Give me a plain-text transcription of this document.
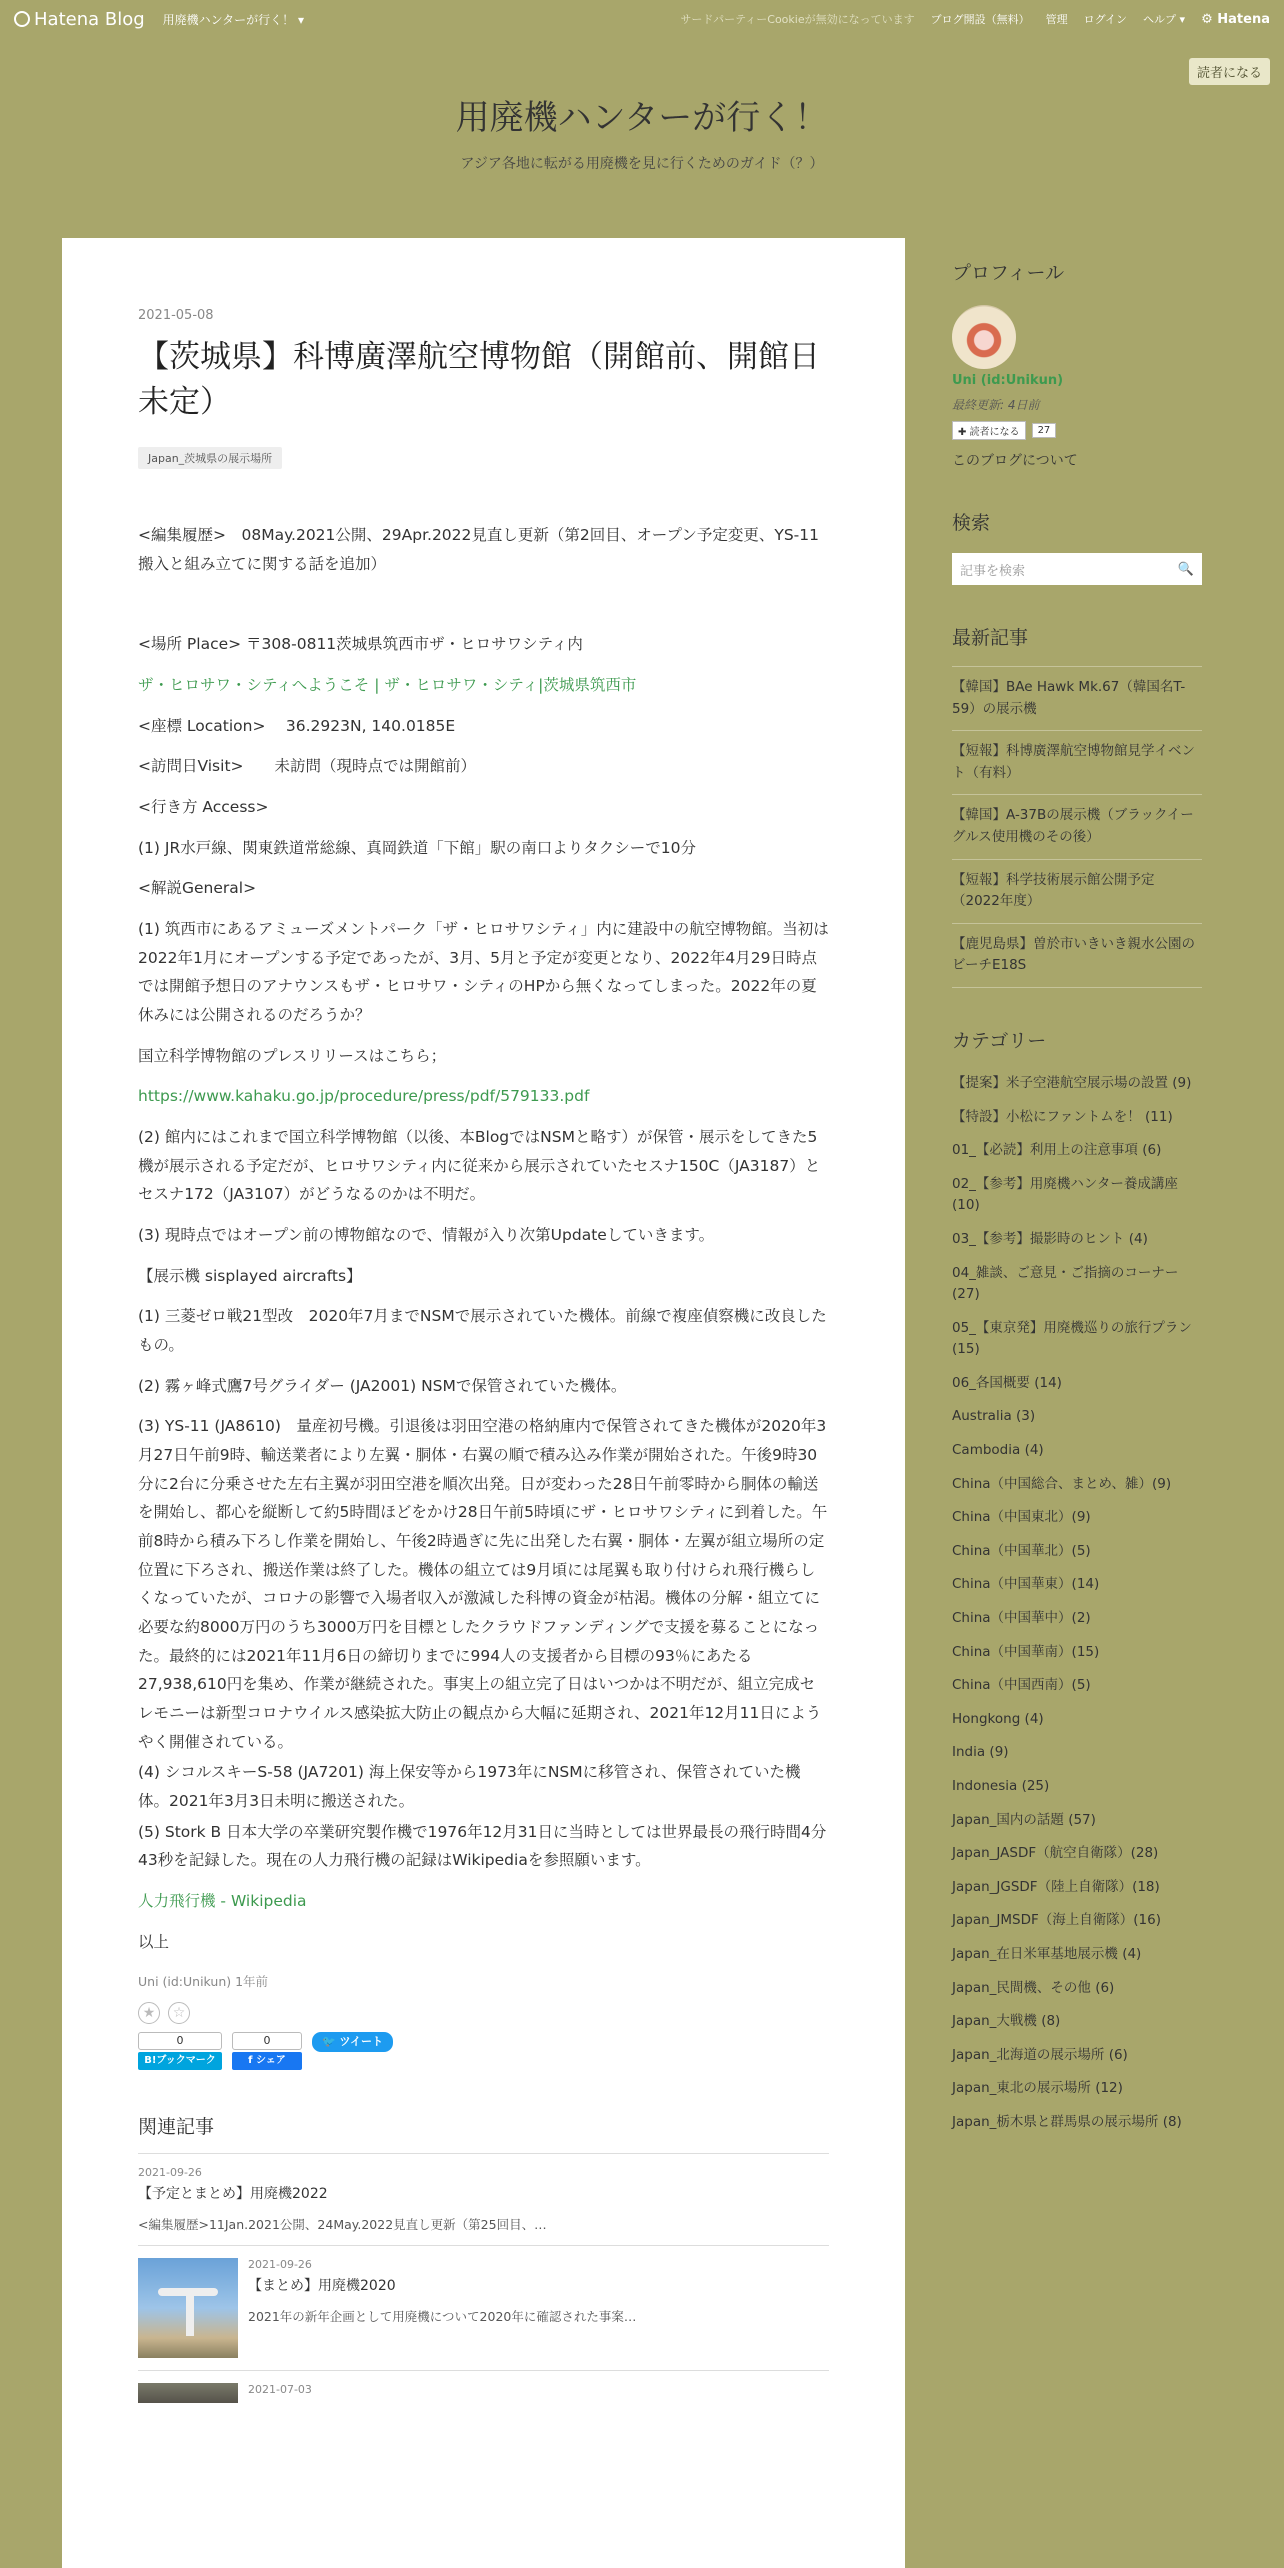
Hatena Blog 用廃機ハンターが行く！ ▾	サードパーティーCookieが無効になっています ブログ開設（無料） 管理 ログイン ヘルプ ▾ ⚙ Hatena
読者になる
用廃機ハンターが行く！
アジア各地に転がる用廃機を見に行くためのガイド（？）
2021-05-08
【茨城県】科博廣澤航空博物館（開館前、開館日未定）
Japan_茨城県の展示場所

<編集履歴>　08May.2021公開、29Apr.2022見直し更新（第2回目、オープン予定変更、YS-11搬入と組み立てに関する話を追加）

<場所 Place> 〒308-0811茨城県筑西市ザ・ヒロサワシティ内

ザ・ヒロサワ・シティへようこそ | ザ・ヒロサワ・シティ|茨城県筑西市

<座標 Location>　 36.2923N, 140.0185E

<訪問日Visit>　　未訪問（現時点では開館前）

<行き方 Access>

(1) JR水戸線、関東鉄道常総線、真岡鉄道「下館」駅の南口よりタクシーで10分

<解説General>

(1) 筑西市にあるアミューズメントパーク「ザ・ヒロサワシティ」内に建設中の航空博物館。当初は2022年1月にオープンする予定であったが、3月、5月と予定が変更となり、2022年4月29日時点では開館予想日のアナウンスもザ・ヒロサワ・シティのHPから無くなってしまった。2022年の夏休みには公開されるのだろうか？

国立科学博物館のプレスリリースはこちら；

https://www.kahaku.go.jp/procedure/press/pdf/579133.pdf

(2) 館内にはこれまで国立科学博物館（以後、本BlogではNSMと略す）が保管・展示をしてきた5機が展示される予定だが、ヒロサワシティ内に従来から展示されていたセスナ150C（JA3187）とセスナ172（JA3107）がどうなるのかは不明だ。

(3) 現時点ではオープン前の博物館なので、情報が入り次第Updateしていきます。

【展示機 sisplayed aircrafts】

(1) 三菱ゼロ戦21型改　2020年7月までNSMで展示されていた機体。前線で複座偵察機に改良したもの。

(2) 霧ヶ峰式鷹7号グライダー (JA2001) NSMで保管されていた機体。

(3) YS-11 (JA8610)　量産初号機。引退後は羽田空港の格納庫内で保管されてきた機体が2020年3月27日午前9時、輸送業者により左翼・胴体・右翼の順で積み込み作業が開始された。午後9時30分に2台に分乗させた左右主翼が羽田空港を順次出発。日が変わった28日午前零時から胴体の輸送を開始し、都心を縦断して約5時間ほどをかけ28日午前5時頃にザ・ヒロサワシティに到着した。午前8時から積み下ろし作業を開始し、午後2時過ぎに先に出発した右翼・胴体・左翼が組立場所の定位置に下ろされ、搬送作業は終了した。機体の組立ては9月頃には尾翼も取り付けられ飛行機らしくなっていたが、コロナの影響で入場者収入が激減した科博の資金が枯渇。機体の分解・組立てに必要な約8000万円のうち3000万円を目標としたクラウドファンディングで支援を募ることになった。最終的には2021年11月6日の締切りまでに994人の支援者から目標の93％にあたる27,938,610円を集め、作業が継続された。事実上の組立完了日はいつかは不明だが、組立完成セレモニーは新型コロナウイルス感染拡大防止の観点から大幅に延期され、2021年12月11日にようやく開催されている。

(4) シコルスキーS-58 (JA7201) 海上保安等から1973年にNSMに移管され、保管されていた機体。2021年3月3日未明に搬送された。

(5) Stork B 日本大学の卒業研究製作機で1976年12月31日に当時としては世界最長の飛行時間4分43秒を記録した。現在の人力飛行機の記録はWikipediaを参照願います。

人力飛行機 - Wikipedia

以上

Uni (id:Unikun) 1年前
★	☆
0
B!ブックマーク
0
f シェア
🐦 ツイート
関連記事
2021-09-26
【予定とまとめ】用廃機2022
<編集履歴>11Jan.2021公開、24May.2022見直し更新（第25回目、…
2021-09-26
【まとめ】用廃機2020
2021年の新年企画として用廃機について2020年に確認された事案…
2021-07-03
プロフィール
Uni (id:Unikun)
最終更新: 4日前
✚ 読者になる	27
このブログについて
検索
記事を検索	🔍
最新記事
【韓国】BAe Hawk Mk.67（韓国名T-59）の展示機
【短報】科博廣澤航空博物館見学イベント（有料）
【韓国】A-37Bの展示機（ブラックイーグルス使用機のその後）
【短報】科学技術展示館公開予定（2022年度）
【鹿児島県】曽於市いきいき親水公園のビーチE18S
カテゴリー
【提案】米子空港航空展示場の設置 (9)
【特設】小松にファントムを！ (11)
01_【必読】利用上の注意事項 (6)
02_【参考】用廃機ハンター養成講座 (10)
03_【参考】撮影時のヒント (4)
04_雑談、ご意見・ご指摘のコーナー (27)
05_【東京発】用廃機巡りの旅行プラン (15)
06_各国概要 (14)
Australia (3)
Cambodia (4)
China（中国総合、まとめ、雑）(9)
China（中国東北）(9)
China（中国華北）(5)
China（中国華東）(14)
China（中国華中）(2)
China（中国華南）(15)
China（中国西南）(5)
Hongkong (4)
India (9)
Indonesia (25)
Japan_国内の話題 (57)
Japan_JASDF（航空自衛隊）(28)
Japan_JGSDF（陸上自衛隊）(18)
Japan_JMSDF（海上自衛隊）(16)
Japan_在日米軍基地展示機 (4)
Japan_民間機、その他 (6)
Japan_大戦機 (8)
Japan_北海道の展示場所 (6)
Japan_東北の展示場所 (12)
Japan_栃木県と群馬県の展示場所 (8)
